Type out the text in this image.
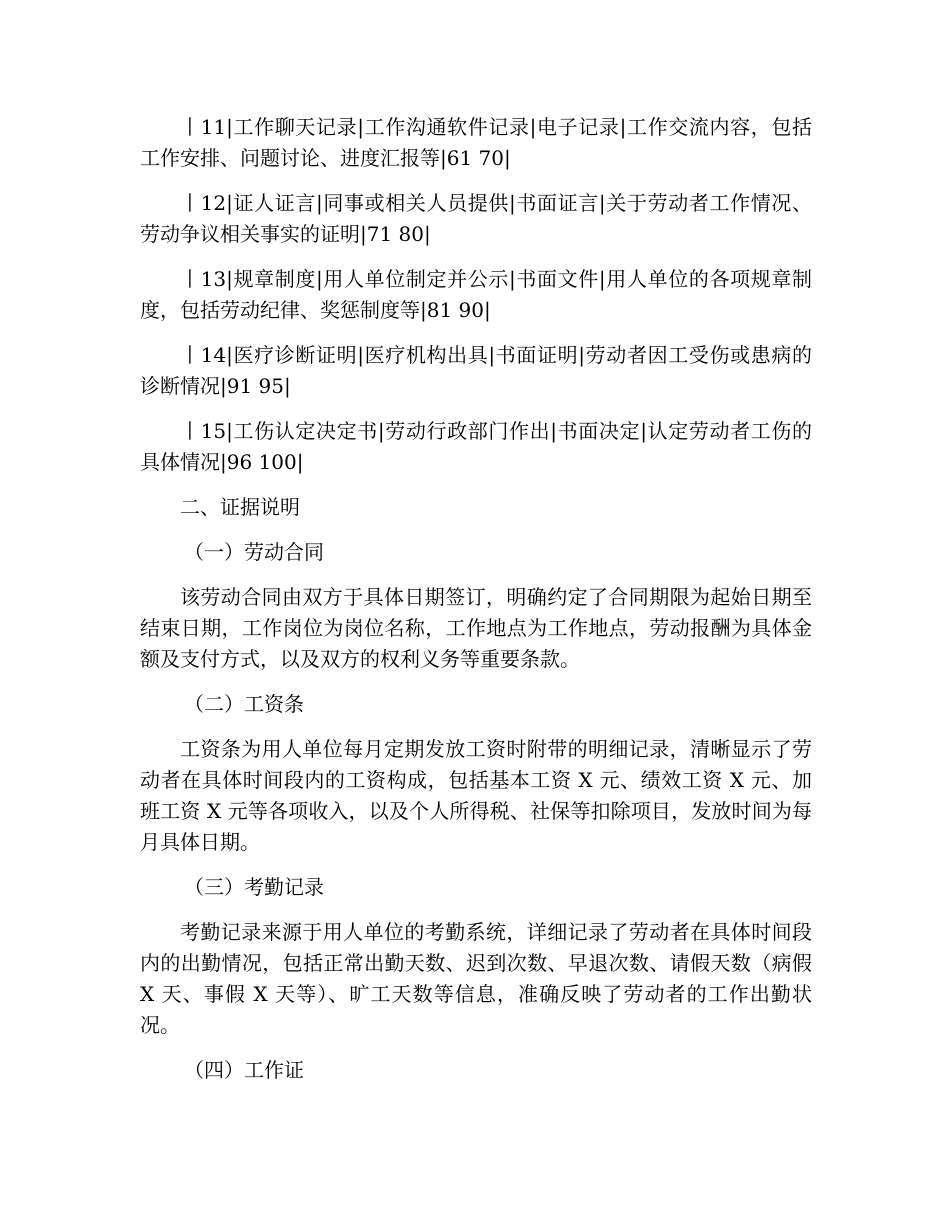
丨11|工作聊天记录|工作沟通软件记录|电子记录|工作交流内容，包括工作安排、问题讨论、进度汇报等|61 70|

丨12|证人证言|同事或相关人员提供|书面证言|关于劳动者工作情况、劳动争议相关事实的证明|71 80|

丨13|规章制度|用人单位制定并公示|书面文件|用人单位的各项规章制度，包括劳动纪律、奖惩制度等|81 90|

丨14|医疗诊断证明|医疗机构出具|书面证明|劳动者因工受伤或患病的诊断情况|91 95|

丨15|工伤认定决定书|劳动行政部门作出|书面决定|认定劳动者工伤的具体情况|96 100|

二、证据说明

（一）劳动合同

该劳动合同由双方于具体日期签订，明确约定了合同期限为起始日期至结束日期，工作岗位为岗位名称，工作地点为工作地点，劳动报酬为具体金额及支付方式，以及双方的权利义务等重要条款。

（二）工资条

工资条为用人单位每月定期发放工资时附带的明细记录，清晰显示了劳动者在具体时间段内的工资构成，包括基本工资 X 元、绩效工资 X 元、加班工资 X 元等各项收入，以及个人所得税、社保等扣除项目，发放时间为每月具体日期。

（三）考勤记录

考勤记录来源于用人单位的考勤系统，详细记录了劳动者在具体时间段内的出勤情况，包括正常出勤天数、迟到次数、早退次数、请假天数（病假 X 天、事假 X 天等）、旷工天数等信息，准确反映了劳动者的工作出勤状况。

（四）工作证
